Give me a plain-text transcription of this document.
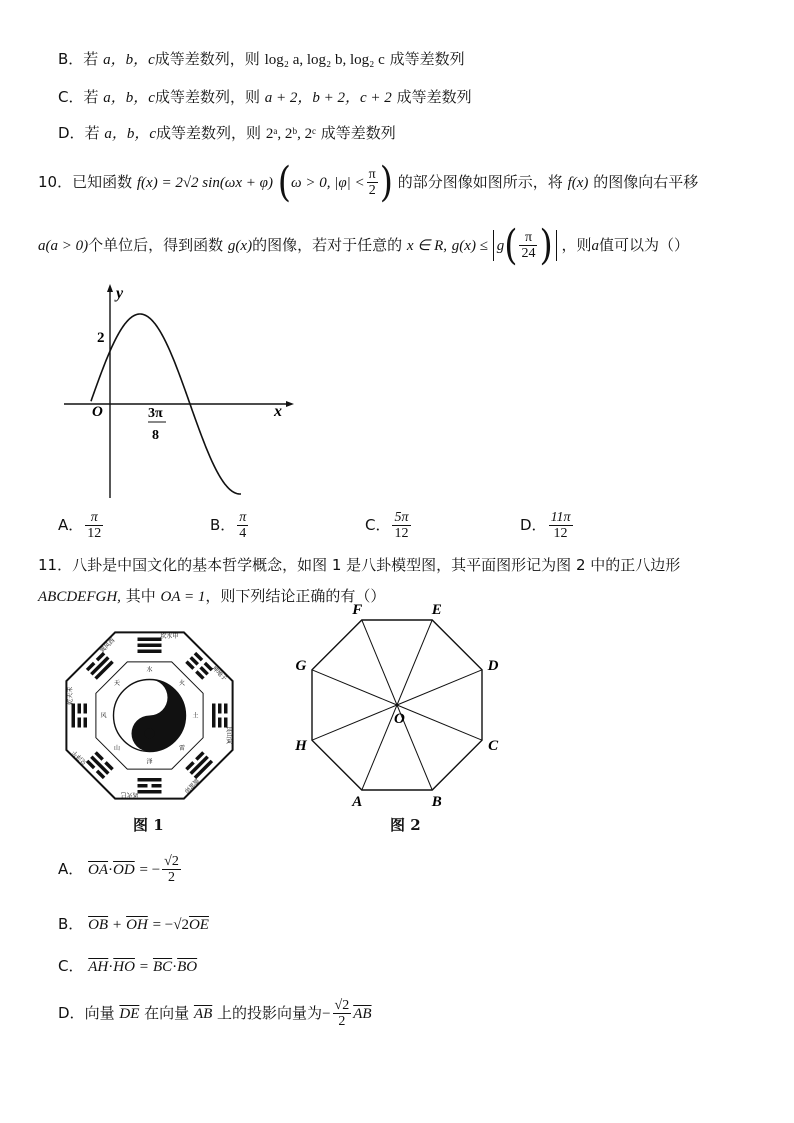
B．若 a，b，c成等差数列，则 log₂ a, log₂ b, log₂ c 成等差数列
C．若 a，b，c成等差数列，则 a + 2，b + 2，c + 2 成等差数列
D．若 a，b，c成等差数列，则 2ᵃ, 2ᵇ, 2ᶜ 成等差数列
10．已知函数 f(x) = 2√2 sin(ωx + φ) (ω > 0, $|\varphi| < \frac{\pi}{2}$ ) 的部分图像如图所示，将 f(x) 的图像向右平移
a(a > 0)个单位后，得到函数 g(x)的图像，若对于任意的 x ∈ R, $g(x) \le g( \frac{\pi}{24}$ ) ，则a值可以为（）
y
x
O
2
3π
8
A． $\frac{\pi}{12}$	B． $\frac{\pi}{4}$	C． $\frac{5\pi}{12}$	D． $\frac{11\pi}{12}$
11．八卦是中国文化的基本哲学概念，如图 1 是八卦模型图，其平面图形记为图 2 中的正八边形
ABCDEFGH, 其中 OA = 1，则下列结论正确的有（）
坎水申
水	坤地子
火
艮山寅
土
震雷卯
雷
离火巳
泽
兑泽午	山
乾天未
风
巽风酉
天
图 1
A	B
C
D
E
F
G
H
O
图 2
A． $\overline{OA}\cdot\overline{OD}$ = − $\frac{√2}{2}$
B． $\overline{OB} + \overline{OH} = -√2\overline{OE}$
C． $\overline{AH}\cdot\overline{HO} = \overline{BC}\cdot\overline{BO}$
D．向量 $\overline{DE}$ 在向量 $\overline{AB}$ 上的投影向量为− $\frac{√2}{2} \overline{AB}$
